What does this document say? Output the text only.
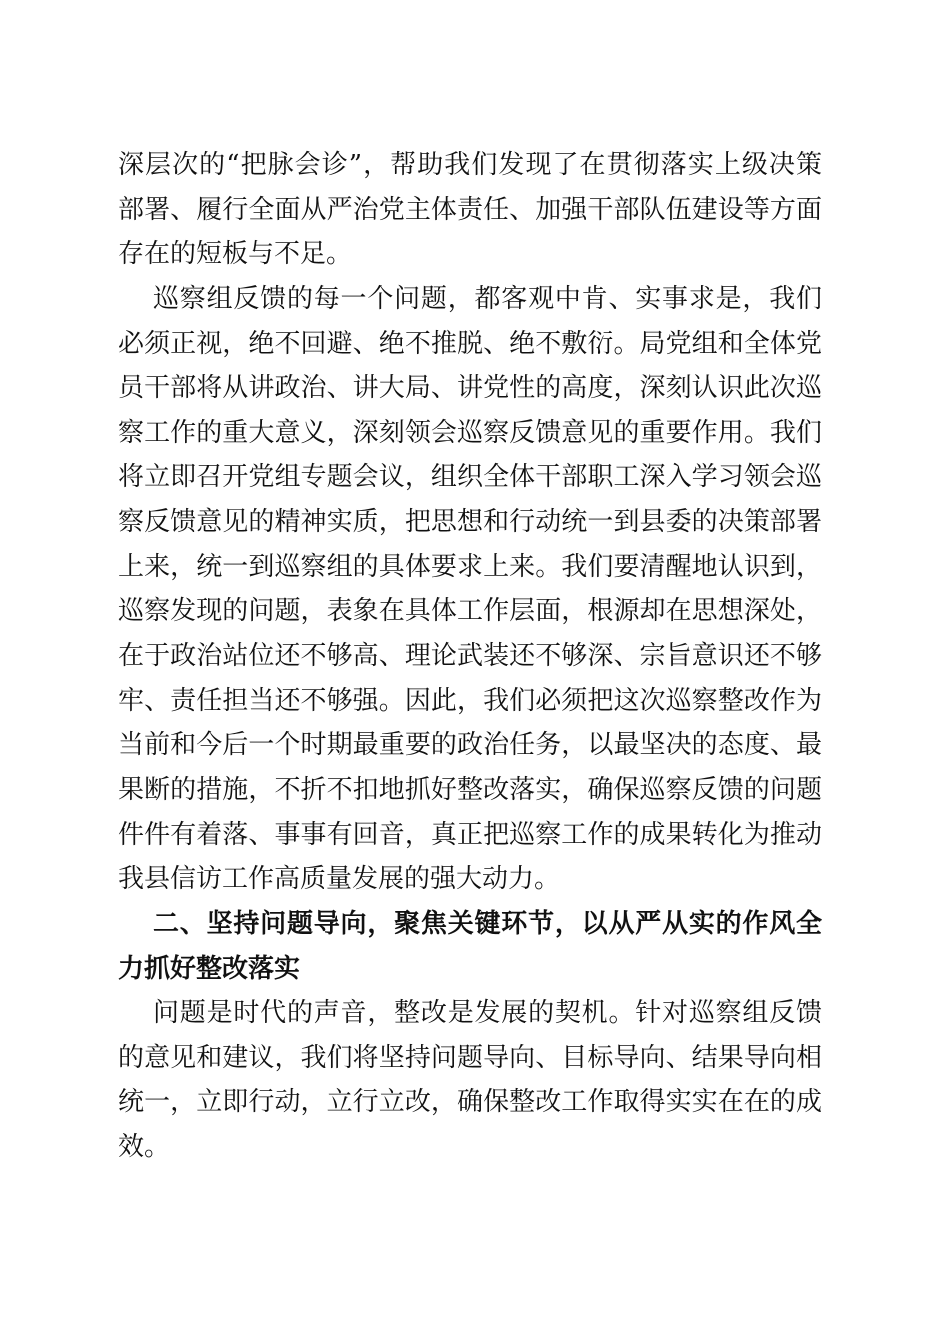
深层次的“把脉会诊”，帮助我们发现了在贯彻落实上级决策
部署、履行全面从严治党主体责任、加强干部队伍建设等方面
存在的短板与不足。
巡察组反馈的每一个问题，都客观中肯、实事求是，我们
必须正视，绝不回避、绝不推脱、绝不敷衍。局党组和全体党
员干部将从讲政治、讲大局、讲党性的高度，深刻认识此次巡
察工作的重大意义，深刻领会巡察反馈意见的重要作用。我们
将立即召开党组专题会议，组织全体干部职工深入学习领会巡
察反馈意见的精神实质，把思想和行动统一到县委的决策部署
上来，统一到巡察组的具体要求上来。我们要清醒地认识到，
巡察发现的问题，表象在具体工作层面，根源却在思想深处，
在于政治站位还不够高、理论武装还不够深、宗旨意识还不够
牢、责任担当还不够强。因此，我们必须把这次巡察整改作为
当前和今后一个时期最重要的政治任务，以最坚决的态度、最
果断的措施，不折不扣地抓好整改落实，确保巡察反馈的问题
件件有着落、事事有回音，真正把巡察工作的成果转化为推动
我县信访工作高质量发展的强大动力。
二、坚持问题导向，聚焦关键环节，以从严从实的作风全
力抓好整改落实
问题是时代的声音，整改是发展的契机。针对巡察组反馈
的意见和建议，我们将坚持问题导向、目标导向、结果导向相
统一，立即行动，立行立改，确保整改工作取得实实在在的成
效。
